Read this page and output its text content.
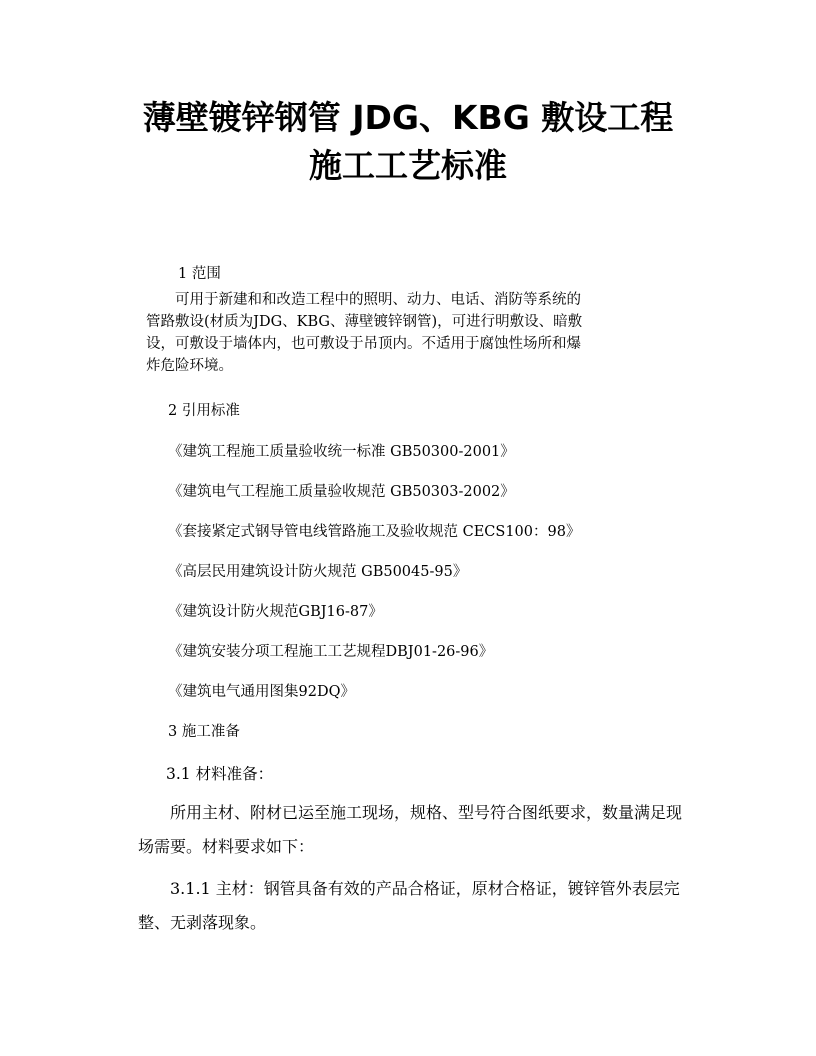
薄壁镀锌钢管 JDG、KBG 敷设工程
施工工艺标准
1 范围
可用于新建和和改造工程中的照明、动力、电话、消防等系统的管路敷设(材质为JDG、KBG、薄壁镀锌钢管)，可进行明敷设、暗敷设，可敷设于墙体内，也可敷设于吊顶内。不适用于腐蚀性场所和爆炸危险环境。
2 引用标准
《建筑工程施工质量验收统一标准 GB50300-2001》
《建筑电气工程施工质量验收规范 GB50303-2002》
《套接紧定式钢导管电线管路施工及验收规范 CECS100：98》
《高层民用建筑设计防火规范 GB50045-95》
《建筑设计防火规范GBJ16-87》
《建筑安装分项工程施工工艺规程DBJ01-26-96》
《建筑电气通用图集92DQ》
3 施工准备
3.1 材料准备：
所用主材、附材已运至施工现场，规格、型号符合图纸要求，数量满足现场需要。材料要求如下：
3.1.1 主材：钢管具备有效的产品合格证，原材合格证，镀锌管外表层完整、无剥落现象。
